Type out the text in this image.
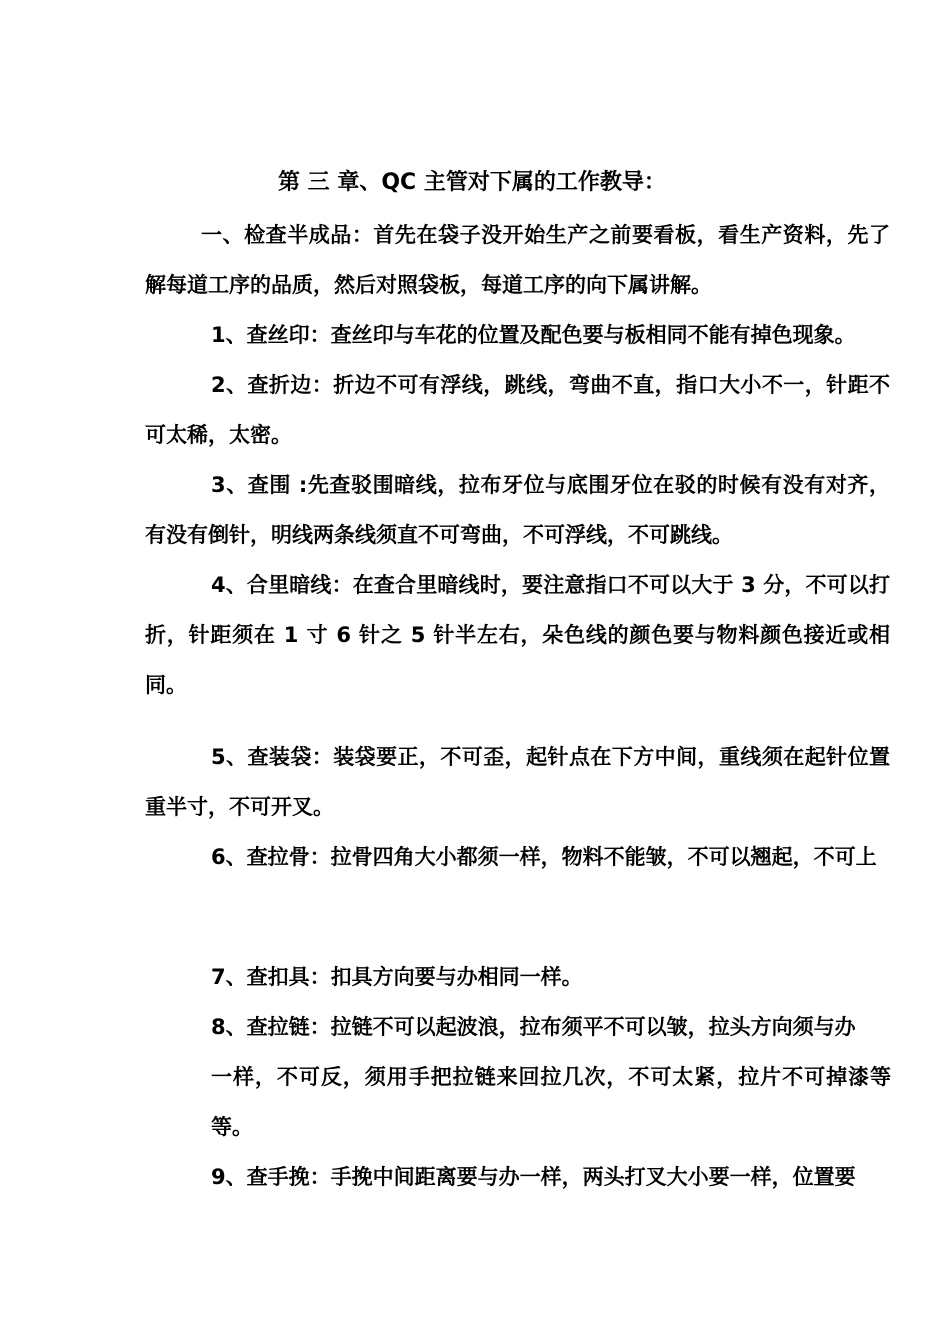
第 三 章、QC 主管对下属的工作教导：
一、检查半成品：首先在袋子没开始生产之前要看板，看生产资料，先了解每道工序的品质，然后对照袋板，每道工序的向下属讲解。
1、查丝印：查丝印与车花的位置及配色要与板相同不能有掉色现象。
2、查折边：折边不可有浮线，跳线，弯曲不直，指口大小不一，针距不可太稀，太密。
3、查围 :先查驳围暗线，拉布牙位与底围牙位在驳的时候有没有对齐，有没有倒针，明线两条线须直不可弯曲，不可浮线，不可跳线。
4、合里暗线：在查合里暗线时，要注意指口不可以大于 3 分，不可以打折，针距须在 1 寸 6 针之 5 针半左右，朵色线的颜色要与物料颜色接近或相同。
5、查装袋：装袋要正，不可歪，起针点在下方中间，重线须在起针位置重半寸，不可开叉。
6、查拉骨：拉骨四角大小都须一样，物料不能皱，不可以翘起，不可上
7、查扣具：扣具方向要与办相同一样。
8、查拉链：拉链不可以起波浪，拉布须平不可以皱，拉头方向须与办
一样，不可反，须用手把拉链来回拉几次，不可太紧，拉片不可掉漆等等。
9、查手挽：手挽中间距离要与办一样，两头打叉大小要一样，位置要
